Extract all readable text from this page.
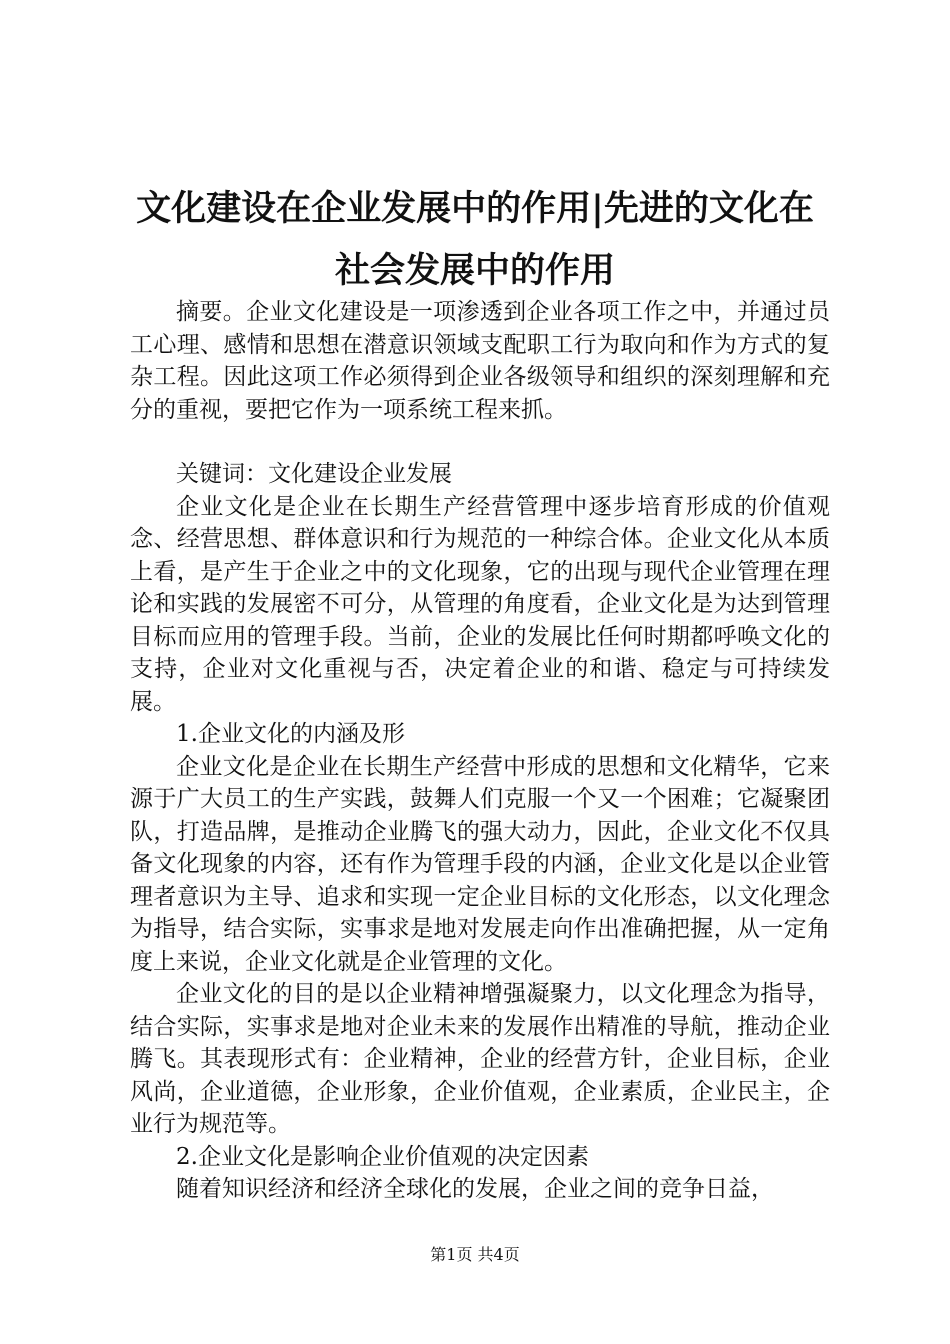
文化建设在企业发展中的作用|先进的文化在
社会发展中的作用

摘要。企业文化建设是一项渗透到企业各项工作之中，并通过员工心理、感情和思想在潜意识领域支配职工行为取向和作为方式的复杂工程。因此这项工作必须得到企业各级领导和组织的深刻理解和充分的重视，要把它作为一项系统工程来抓。

关键词：文化建设企业发展

企业文化是企业在长期生产经营管理中逐步培育形成的价值观念、经营思想、群体意识和行为规范的一种综合体。企业文化从本质上看，是产生于企业之中的文化现象，它的出现与现代企业管理在理论和实践的发展密不可分，从管理的角度看，企业文化是为达到管理目标而应用的管理手段。当前，企业的发展比任何时期都呼唤文化的支持，企业对文化重视与否，决定着企业的和谐、稳定与可持续发展。

1.企业文化的内涵及形

企业文化是企业在长期生产经营中形成的思想和文化精华，它来源于广大员工的生产实践，鼓舞人们克服一个又一个困难；它凝聚团队，打造品牌，是推动企业腾飞的强大动力，因此，企业文化不仅具备文化现象的内容，还有作为管理手段的内涵，企业文化是以企业管理者意识为主导、追求和实现一定企业目标的文化形态，以文化理念为指导，结合实际，实事求是地对发展走向作出准确把握，从一定角度上来说，企业文化就是企业管理的文化。

企业文化的目的是以企业精神增强凝聚力，以文化理念为指导，结合实际，实事求是地对企业未来的发展作出精准的导航，推动企业腾飞。其表现形式有：企业精神，企业的经营方针，企业目标，企业风尚，企业道德，企业形象，企业价值观，企业素质，企业民主，企业行为规范等。

2.企业文化是影响企业价值观的决定因素

随着知识经济和经济全球化的发展，企业之间的竞争日益，

第1页 共4页
